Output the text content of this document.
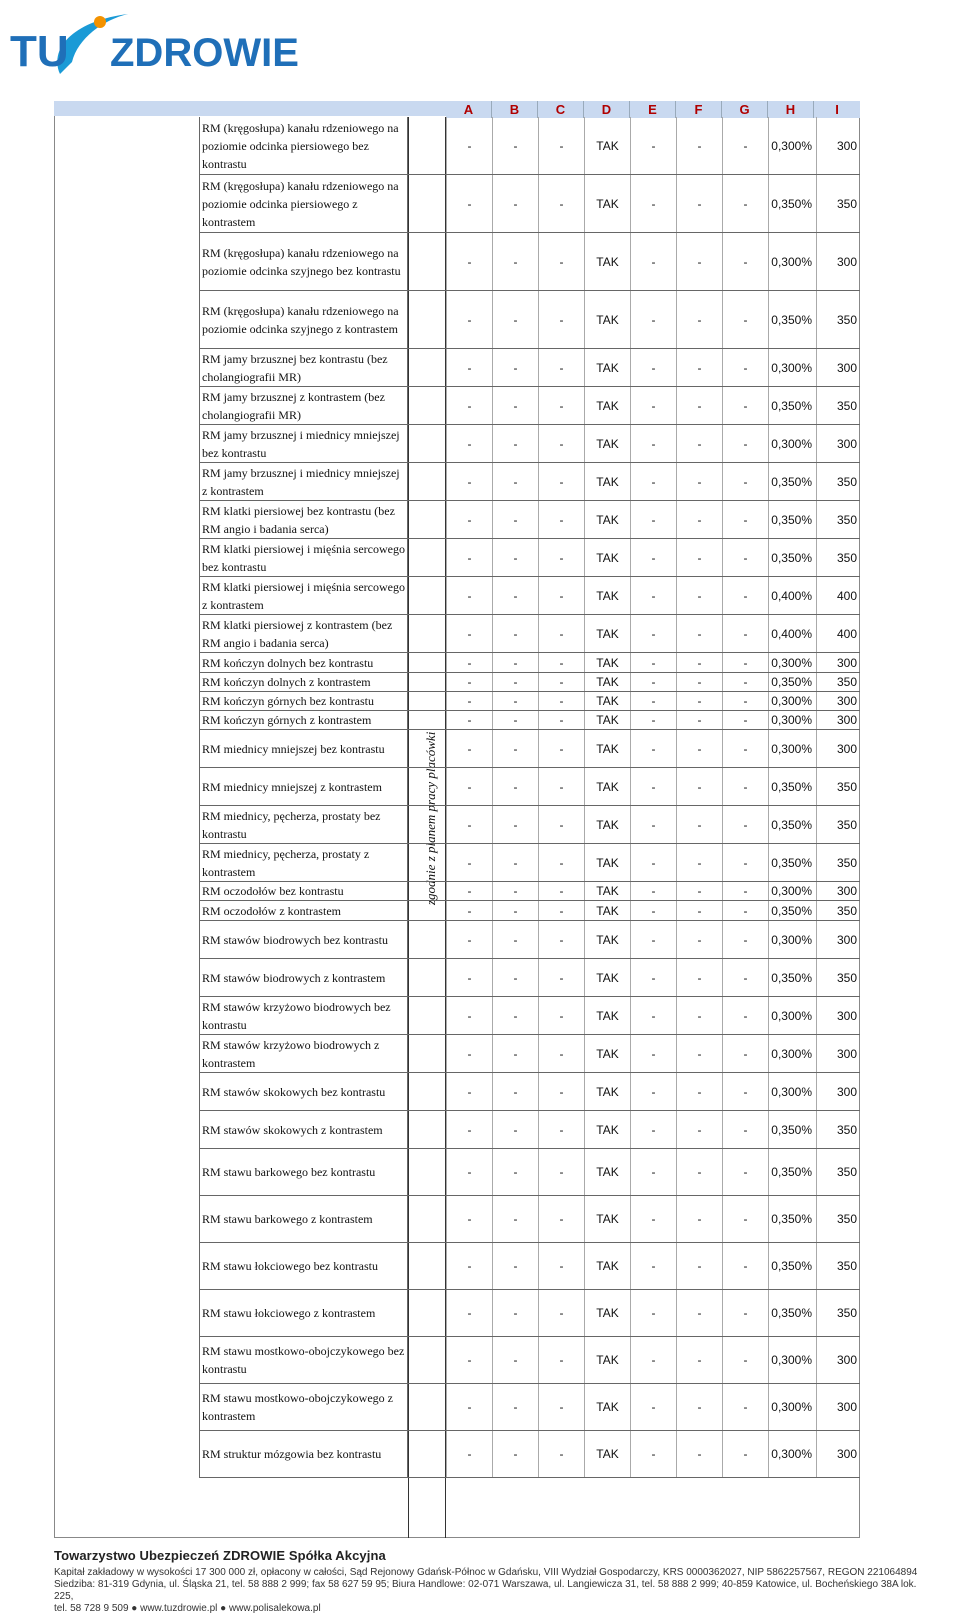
TU ZDROWIE
A	B	C	D	E	F	G	H	I
zgodnie z planem pracy placówki
RM (kręgosłupa) kanału rdzeniowego na poziomie odcinka piersiowego bez kontrastu
-	-	-	TAK	-	-	-	0,300%	300
RM (kręgosłupa) kanału rdzeniowego na poziomie odcinka piersiowego z kontrastem
-	-	-	TAK	-	-	-	0,350%	350
RM (kręgosłupa) kanału rdzeniowego na poziomie odcinka szyjnego bez kontrastu
-	-	-	TAK	-	-	-	0,300%	300
RM (kręgosłupa) kanału rdzeniowego na poziomie odcinka szyjnego z kontrastem
-	-	-	TAK	-	-	-	0,350%	350
RM jamy brzusznej bez kontrastu (bez cholangiografii MR)
-	-	-	TAK	-	-	-	0,300%	300
RM jamy brzusznej z kontrastem (bez cholangiografii MR)
-	-	-	TAK	-	-	-	0,350%	350
RM jamy brzusznej i miednicy mniejszej bez kontrastu
-	-	-	TAK	-	-	-	0,300%	300
RM jamy brzusznej i miednicy mniejszej z kontrastem
-	-	-	TAK	-	-	-	0,350%	350
RM klatki piersiowej bez kontrastu (bez RM angio i badania serca)
-	-	-	TAK	-	-	-	0,350%	350
RM klatki piersiowej i mięśnia sercowego bez kontrastu
-	-	-	TAK	-	-	-	0,350%	350
RM klatki piersiowej i mięśnia sercowego z kontrastem
-	-	-	TAK	-	-	-	0,400%	400
RM klatki piersiowej z kontrastem (bez RM angio i badania serca)
-	-	-	TAK	-	-	-	0,400%	400
RM kończyn dolnych bez kontrastu	-	-	-	TAK	-	-	-	0,300%	300
RM kończyn dolnych z kontrastem	-	-	-	TAK	-	-	-	0,350%	350
RM kończyn górnych bez kontrastu	-	-	-	TAK	-	-	-	0,300%	300
RM kończyn górnych z kontrastem	-	-	-	TAK	-	-	-	0,300%	300
RM miednicy mniejszej bez kontrastu	-	-	-	TAK	-	-	-	0,300%	300
RM miednicy mniejszej z kontrastem	-	-	-	TAK	-	-	-	0,350%	350
RM miednicy, pęcherza, prostaty bez kontrastu
-	-	-	TAK	-	-	-	0,350%	350
RM miednicy, pęcherza, prostaty z kontrastem
-	-	-	TAK	-	-	-	0,350%	350
RM oczodołów bez kontrastu	-	-	-	TAK	-	-	-	0,300%	300
RM oczodołów z kontrastem	-	-	-	TAK	-	-	-	0,350%	350
RM stawów biodrowych bez kontrastu	-	-	-	TAK	-	-	-	0,300%	300
RM stawów biodrowych z kontrastem	-	-	-	TAK	-	-	-	0,350%	350
RM stawów krzyżowo biodrowych bez kontrastu
-	-	-	TAK	-	-	-	0,300%	300
RM stawów krzyżowo biodrowych z kontrastem
-	-	-	TAK	-	-	-	0,300%	300
RM stawów skokowych bez kontrastu	-	-	-	TAK	-	-	-	0,300%	300
RM stawów skokowych z kontrastem	-	-	-	TAK	-	-	-	0,350%	350
RM stawu barkowego bez kontrastu	-	-	-	TAK	-	-	-	0,350%	350
RM stawu barkowego z kontrastem	-	-	-	TAK	-	-	-	0,350%	350
RM stawu łokciowego bez kontrastu	-	-	-	TAK	-	-	-	0,350%	350
RM stawu łokciowego z kontrastem	-	-	-	TAK	-	-	-	0,350%	350
RM stawu mostkowo-obojczykowego bez kontrastu
-	-	-	TAK	-	-	-	0,300%	300
RM stawu mostkowo-obojczykowego z kontrastem
-	-	-	TAK	-	-	-	0,300%	300
RM struktur mózgowia bez kontrastu	-	-	-	TAK	-	-	-	0,300%	300
Towarzystwo Ubezpieczeń ZDROWIE Spółka Akcyjna
Kapitał zakładowy w wysokości 17 300 000 zł, opłacony w całości, Sąd Rejonowy Gdańsk-Północ w Gdańsku, VIII Wydział Gospodarczy, KRS 0000362027, NIP 5862257567, REGON 221064894
Siedziba: 81-319 Gdynia, ul. Śląska 21, tel. 58 888 2 999; fax 58 627 59 95; Biura Handlowe: 02-071 Warszawa, ul. Langiewicza 31, tel. 58 888 2 999; 40-859 Katowice, ul. Bocheńskiego 38A lok. 225,
tel. 58 728 9 509 ● www.tuzdrowie.pl ● www.polisalekowa.pl
